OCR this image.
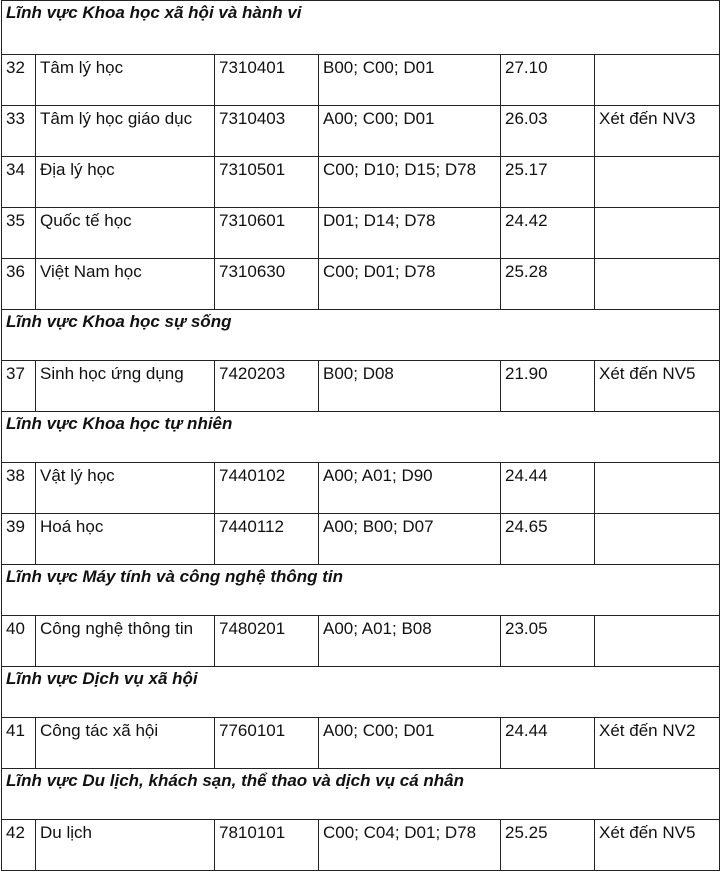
Lĩnh vực Khoa học xã hội và hành vi					
32	Tâm lý học	7310401	B00; C00; D01	27.10	
33	Tâm lý học giáo dục	7310403	A00; C00; D01	26.03	Xét đến NV3
34	Địa lý học	7310501	C00; D10; D15; D78	25.17	
35	Quốc tế học	7310601	D01; D14; D78	24.42	
36	Việt Nam học	7310630	C00; D01; D78	25.28	
Lĩnh vực Khoa học sự sống					
37	Sinh học ứng dụng	7420203	B00; D08	21.90	Xét đến NV5
Lĩnh vực Khoa học tự nhiên					
38	Vật lý học	7440102	A00; A01; D90	24.44	
39	Hoá học	7440112	A00; B00; D07	24.65	
Lĩnh vực Máy tính và công nghệ thông tin					
40	Công nghệ thông tin	7480201	A00; A01; B08	23.05	
Lĩnh vực Dịch vụ xã hội					
41	Công tác xã hội	7760101	A00; C00; D01	24.44	Xét đến NV2
Lĩnh vực Du lịch, khách sạn, thể thao và dịch vụ cá nhân					
42	Du lịch	7810101	C00; C04; D01; D78	25.25	Xét đến NV5
